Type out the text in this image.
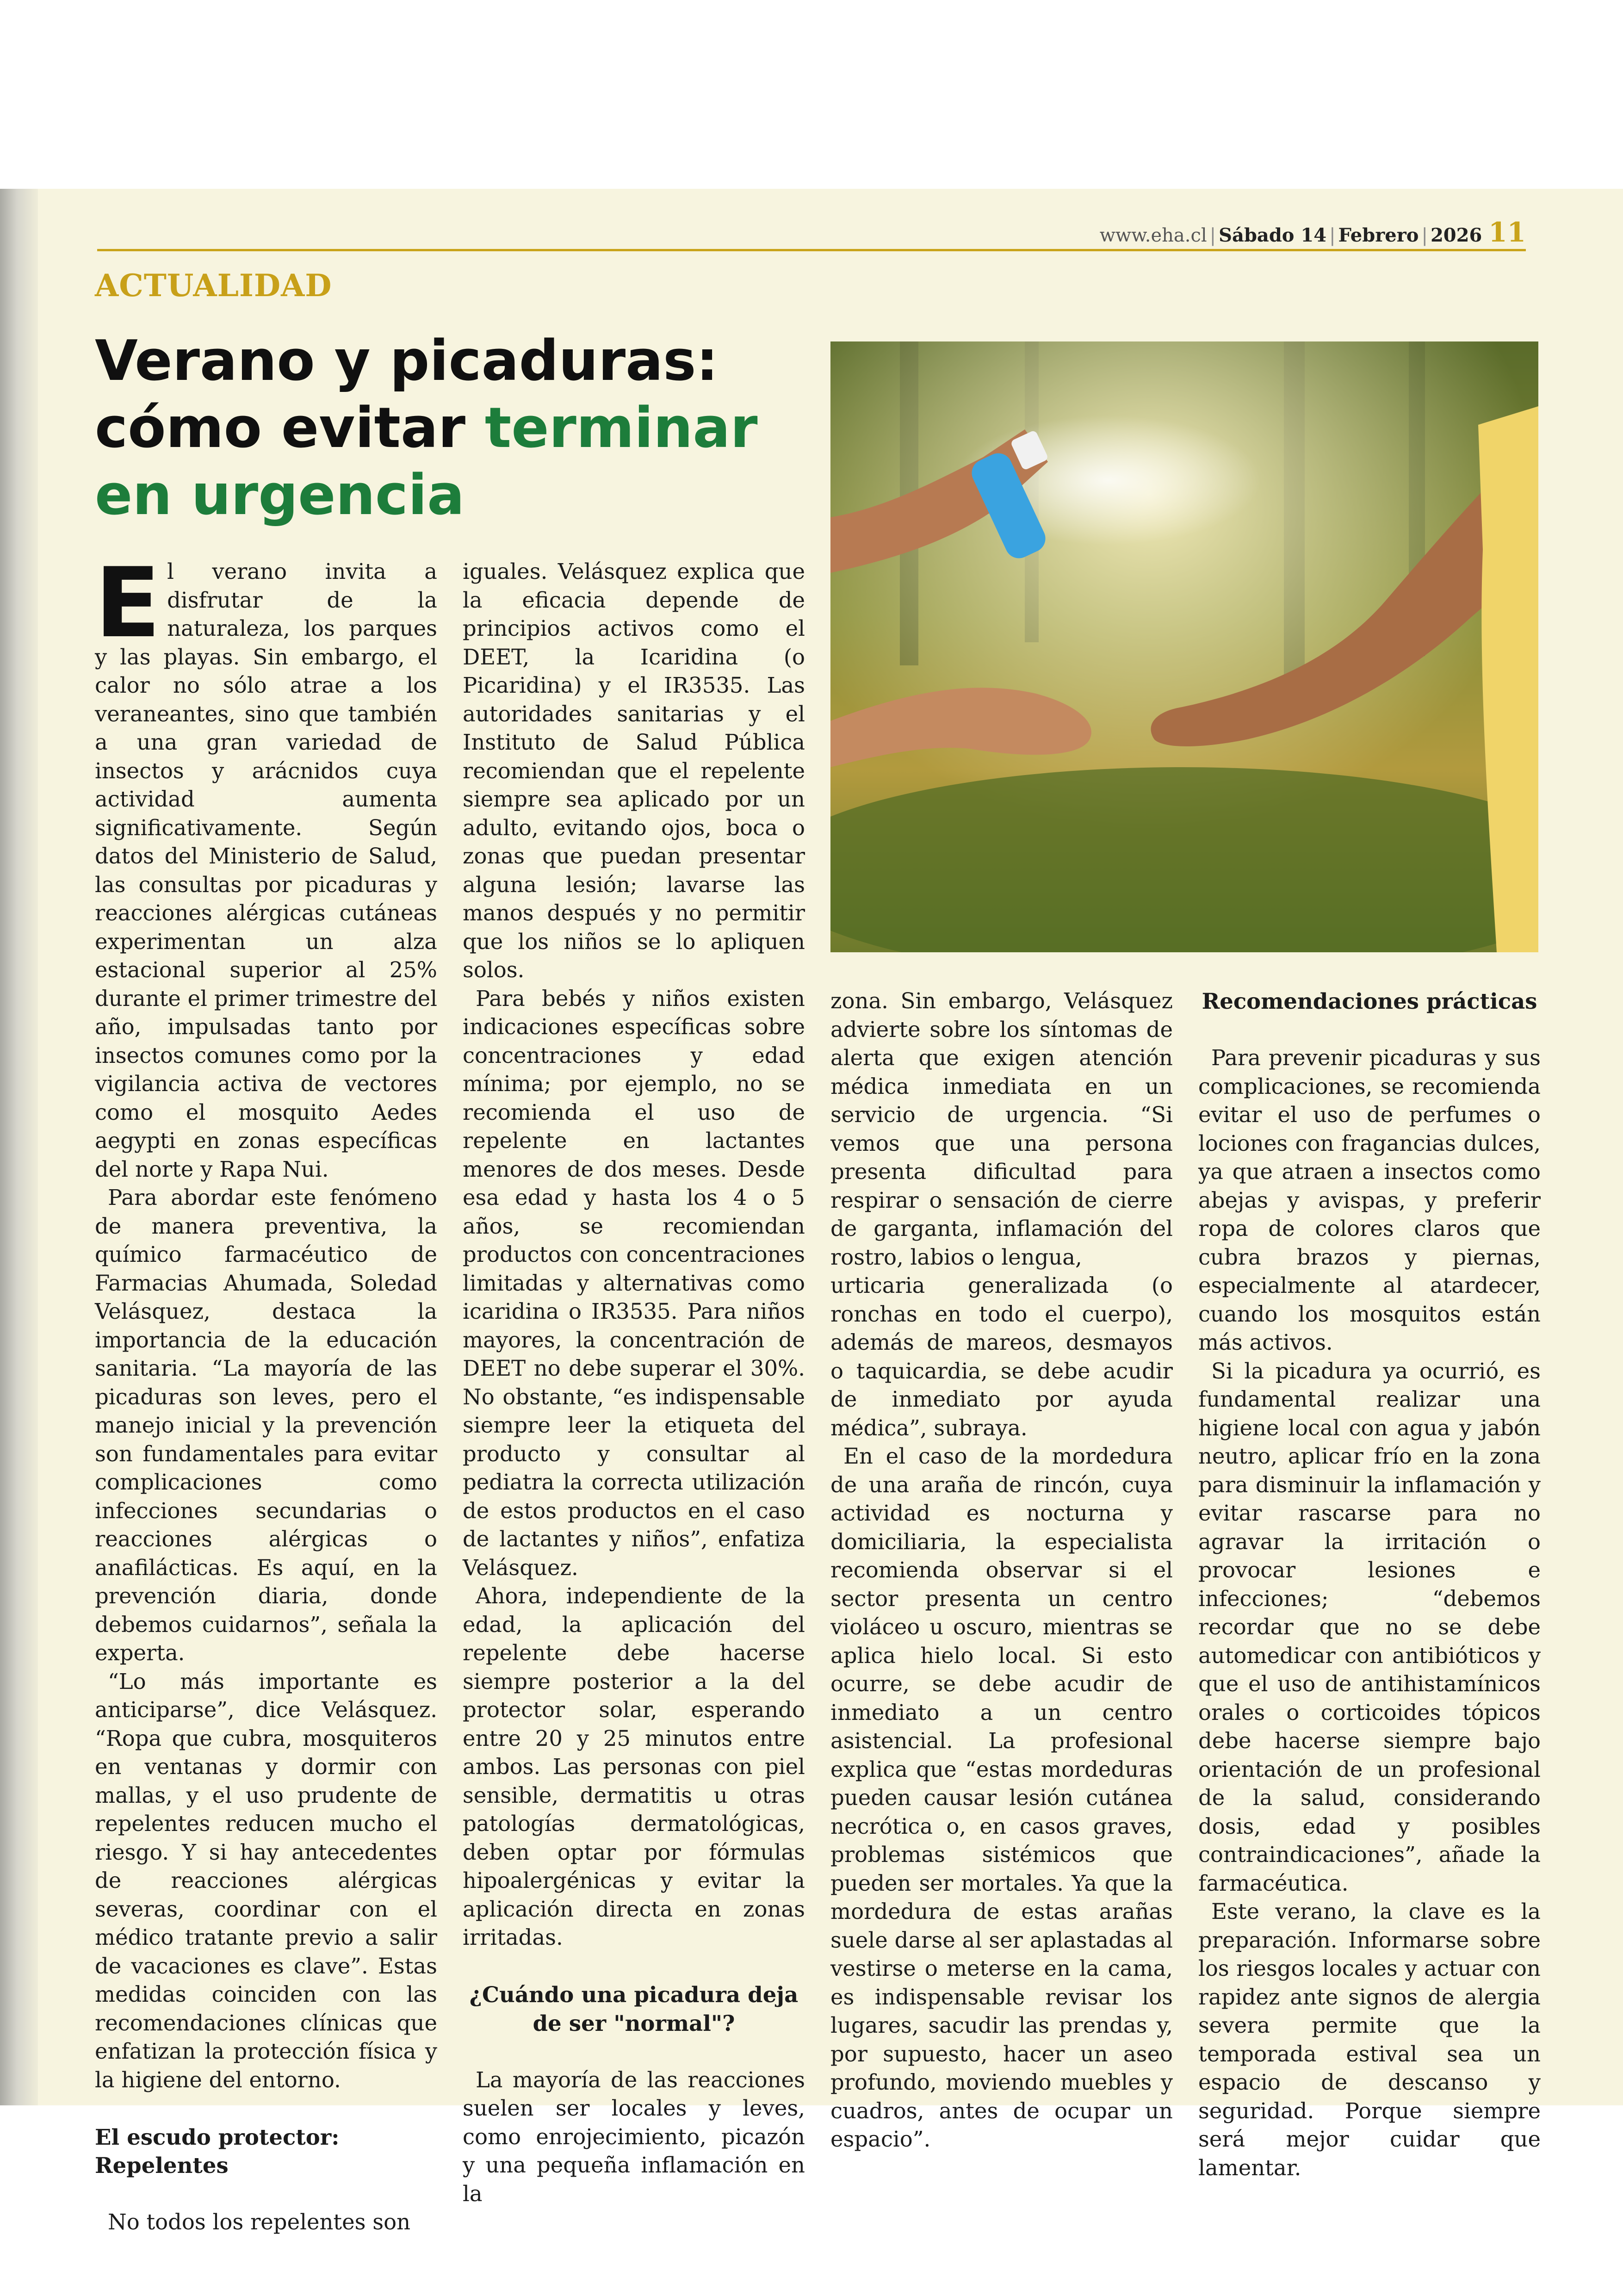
www.eha.cl | Sábado 14 | Febrero | 2026 11
ACTUALIDAD
Verano y picaduras:
cómo evitar terminar en urgencia
E l verano invita a disfrutar de la naturaleza, los parques y las playas. Sin embargo, el calor no sólo atrae a los veraneantes, sino que también a una gran variedad de insectos y arácnidos cuya actividad aumenta significativamente. Según datos del Ministerio de Salud, las consultas por picaduras y reacciones alérgicas cutáneas experimentan un alza estacional superior al 25% durante el primer trimestre del año, impulsadas tanto por insectos comunes como por la vigilancia activa de vectores como el mosquito Aedes aegypti en zonas específicas del norte y Rapa Nui.

Para abordar este fenómeno de manera preventiva, la químico farmacéutico de Farmacias Ahumada, Soledad Velásquez, destaca la importancia de la educación sanitaria. “La mayoría de las picaduras son leves, pero el manejo inicial y la prevención son fundamentales para evitar complicaciones como infecciones secundarias o reacciones alérgicas o anafilácticas. Es aquí, en la prevención diaria, donde debemos cuidarnos”, señala la experta.

“Lo más importante es anticiparse”, dice Velásquez. “Ropa que cubra, mosquiteros en ventanas y dormir con mallas, y el uso prudente de repelentes reducen mucho el riesgo. Y si hay antecedentes de reacciones alérgicas severas, coordinar con el médico tratante previo a salir de vacaciones es clave”. Estas medidas coinciden con las recomendaciones clínicas que enfatizan la protección física y la higiene del entorno.

El escudo protector: Repelentes

No todos los repelentes son

iguales. Velásquez explica que la eficacia depende de principios activos como el DEET, la Icaridina (o Picaridina) y el IR3535. Las autoridades sanitarias y el Instituto de Salud Pública recomiendan que el repelente siempre sea aplicado por un adulto, evitando ojos, boca o zonas que puedan presentar alguna lesión; lavarse las manos después y no permitir que los niños se lo apliquen solos.

Para bebés y niños existen indicaciones específicas sobre concentraciones y edad mínima; por ejemplo, no se recomienda el uso de repelente en lactantes menores de dos meses. Desde esa edad y hasta los 4 o 5 años, se recomiendan productos con concentraciones limitadas y alternativas como icaridina o IR3535. Para niños mayores, la concentración de DEET no debe superar el 30%. No obstante, “es indispensable siempre leer la etiqueta del producto y consultar al pediatra la correcta utilización de estos productos en el caso de lactantes y niños”, enfatiza Velásquez.

Ahora, independiente de la edad, la aplicación del repelente debe hacerse siempre posterior a la del protector solar, esperando entre 20 y 25 minutos entre ambos. Las personas con piel sensible, dermatitis u otras patologías dermatológicas, deben optar por fórmulas hipoalergénicas y evitar la aplicación directa en zonas irritadas.

¿Cuándo una picadura deja de ser "normal"?

La mayoría de las reacciones suelen ser locales y leves, como enrojecimiento, picazón y una pequeña inflamación en la

zona. Sin embargo, Velásquez advierte sobre los síntomas de alerta que exigen atención médica inmediata en un servicio de urgencia. “Si vemos que una persona presenta dificultad para respirar o sensación de cierre de garganta, inflamación del rostro, labios o lengua,

urticaria generalizada (o ronchas en todo el cuerpo), además de mareos, desmayos o taquicardia, se debe acudir de inmediato por ayuda médica”, subraya.

En el caso de la mordedura de una araña de rincón, cuya actividad es nocturna y domiciliaria, la especialista recomienda observar si el sector presenta un centro violáceo u oscuro, mientras se aplica hielo local. Si esto ocurre, se debe acudir de inmediato a un centro asistencial. La profesional explica que “estas mordeduras pueden causar lesión cutánea necrótica o, en casos graves, problemas sistémicos que pueden ser mortales. Ya que la mordedura de estas arañas suele darse al ser aplastadas al vestirse o meterse en la cama, es indispensable revisar los lugares, sacudir las prendas y, por supuesto, hacer un aseo profundo, moviendo muebles y cuadros, antes de ocupar un espacio”.

Recomendaciones prácticas

Para prevenir picaduras y sus complicaciones, se recomienda evitar el uso de perfumes o lociones con fragancias dulces, ya que atraen a insectos como abejas y avispas, y preferir ropa de colores claros que cubra brazos y piernas, especialmente al atardecer, cuando los mosquitos están más activos.

Si la picadura ya ocurrió, es fundamental realizar una higiene local con agua y jabón neutro, aplicar frío en la zona para disminuir la inflamación y evitar rascarse para no agravar la irritación o provocar lesiones e infecciones; “debemos recordar que no se debe automedicar con antibióticos y que el uso de antihistamínicos orales o corticoides tópicos debe hacerse siempre bajo orientación de un profesional de la salud, considerando dosis, edad y posibles contraindicaciones”, añade la farmacéutica.

Este verano, la clave es la preparación. Informarse sobre los riesgos locales y actuar con rapidez ante signos de alergia severa permite que la temporada estival sea un espacio de descanso y seguridad. Porque siempre será mejor cuidar que lamentar.
